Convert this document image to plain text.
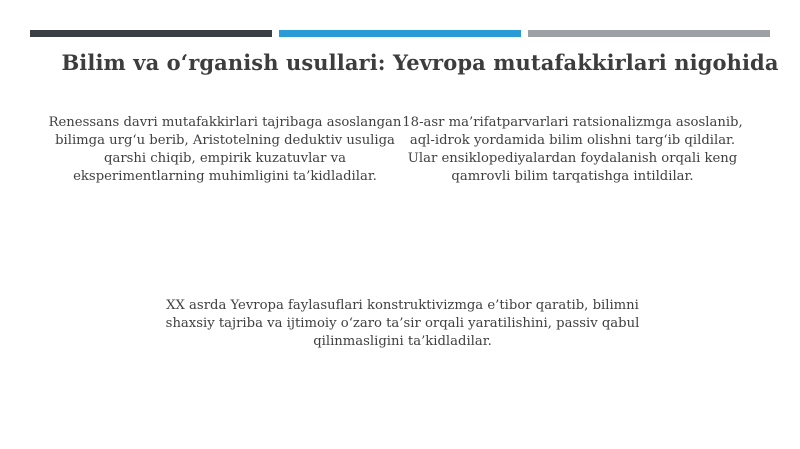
Bilim va o‘rganish usullari: Yevropa mutafakkirlari nigohida
Renessans davri mutafakkirlari tajribaga asoslangan bilimga urg‘u berib, Aristotelning deduktiv usuliga qarshi chiqib, empirik kuzatuvlar va eksperimentlarning muhimligini ta’kidladilar.
18-asr ma’rifatparvarlari ratsionalizmga asoslanib, aql-idrok yordamida bilim olishni targ‘ib qildilar. Ular ensiklopediyalardan foydalanish orqali keng qamrovli bilim tarqatishga intildilar.
XX asrda Yevropa faylasuflari konstruktivizmga e’tibor qaratib, bilimni shaxsiy tajriba va ijtimoiy o‘zaro ta’sir orqali yaratilishini, passiv qabul qilinmasligini ta’kidladilar.
